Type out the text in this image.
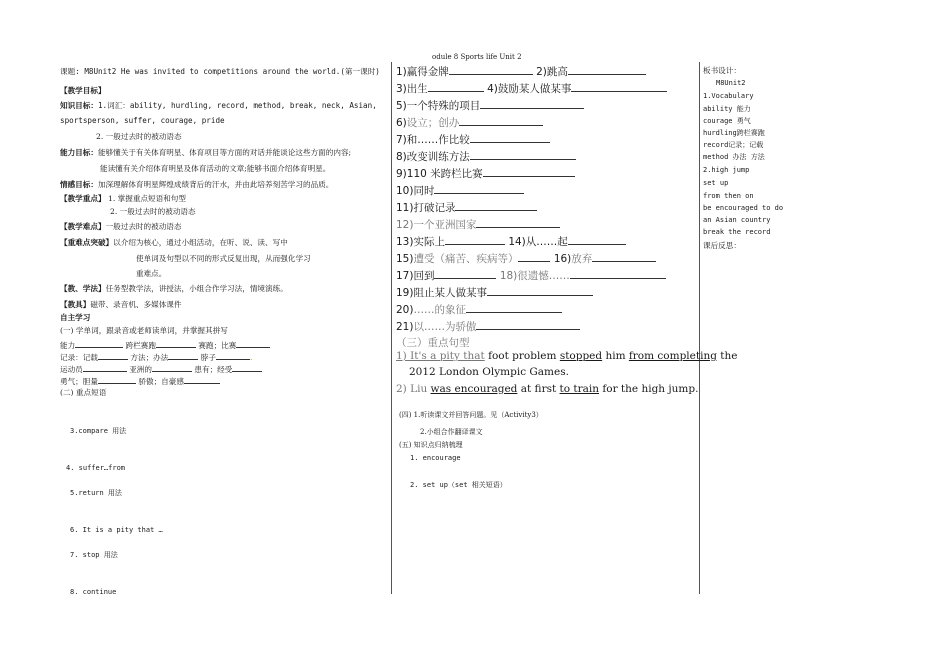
odule 8 Sports life Unit 2
课题: M8Unit2 He was invited to competitions around the world.(第一课时)
【教学目标】
知识目标：1.词汇：ability, hurdling, record, method, break, neck, Asian,
sportsperson, suffer, courage, pride
2. 一般过去时的被动语态
能力目标：能够懂关于有关体育明星、体育项目等方面的对话并能谈论这些方面的内容;
能读懂有关介绍体育明星及体育活动的文章;能够书面介绍体育明星。
情感目标：加深理解体育明星辉煌成绩背后的汗水，并由此培养刻苦学习的品质。
【教学重点】 1. 掌握重点短语和句型
2. 一般过去时的被动语态
【教学难点】一般过去时的被动语态
【重难点突破】以介绍为核心，通过小组活动，在听、说、读、写中
使单词及句型以不同的形式反复出现，从而强化学习
重难点。
【教、学法】任务型教学法，讲授法，小组合作学习法，情境演练。
【教具】磁带、录音机、多媒体课件
自主学习
(一) 学单词，跟录音或老师读单词，并掌握其拼写
能力	跨栏赛跑	赛跑；比赛
记录：记载	方法；办法	脖子	.
运动员	亚洲的	患有；经受
勇气；胆量	骄傲；自豪感
(二) 重点短语
3.compare 用法
4. suffer…from
5.return 用法
6. It is a pity that …
7. stop 用法
8. continue
1)赢得金牌	2)跳高
3)出生	4)鼓励某人做某事
5)一个特殊的项目
6)设立；创办
7)和……作比较
8)改变训练方法
9)110 米跨栏比赛
10)同时
11)打破记录
12)一个亚洲国家
13)实际上	14)从……起
15)遭受（痛苦、疾病等）	16)放弃
17)回到	18)很遗憾……
19)阻止某人做某事
20)……的象征
21)以……为骄傲
（三）重点句型
1) It's a pity that foot problem stopped him from completing the
2012 London Olympic Games.
2) Liu was encouraged at first to train for the high jump.
(四) 1.听读课文并回答问题。见（Activity3）
2.小组合作翻译课文
(五) 知识点归纳梳理
1. encourage
2. set up（set 相关短语）
板书设计：
M8Unit2
1.Vocabulary
ability 能力
courage 勇气
hurdling跨栏赛跑
record记录；记载
method 办法 方法
2.high jump
set up
from then on
be encouraged to do
an Asian country
break the record
课后反思：
